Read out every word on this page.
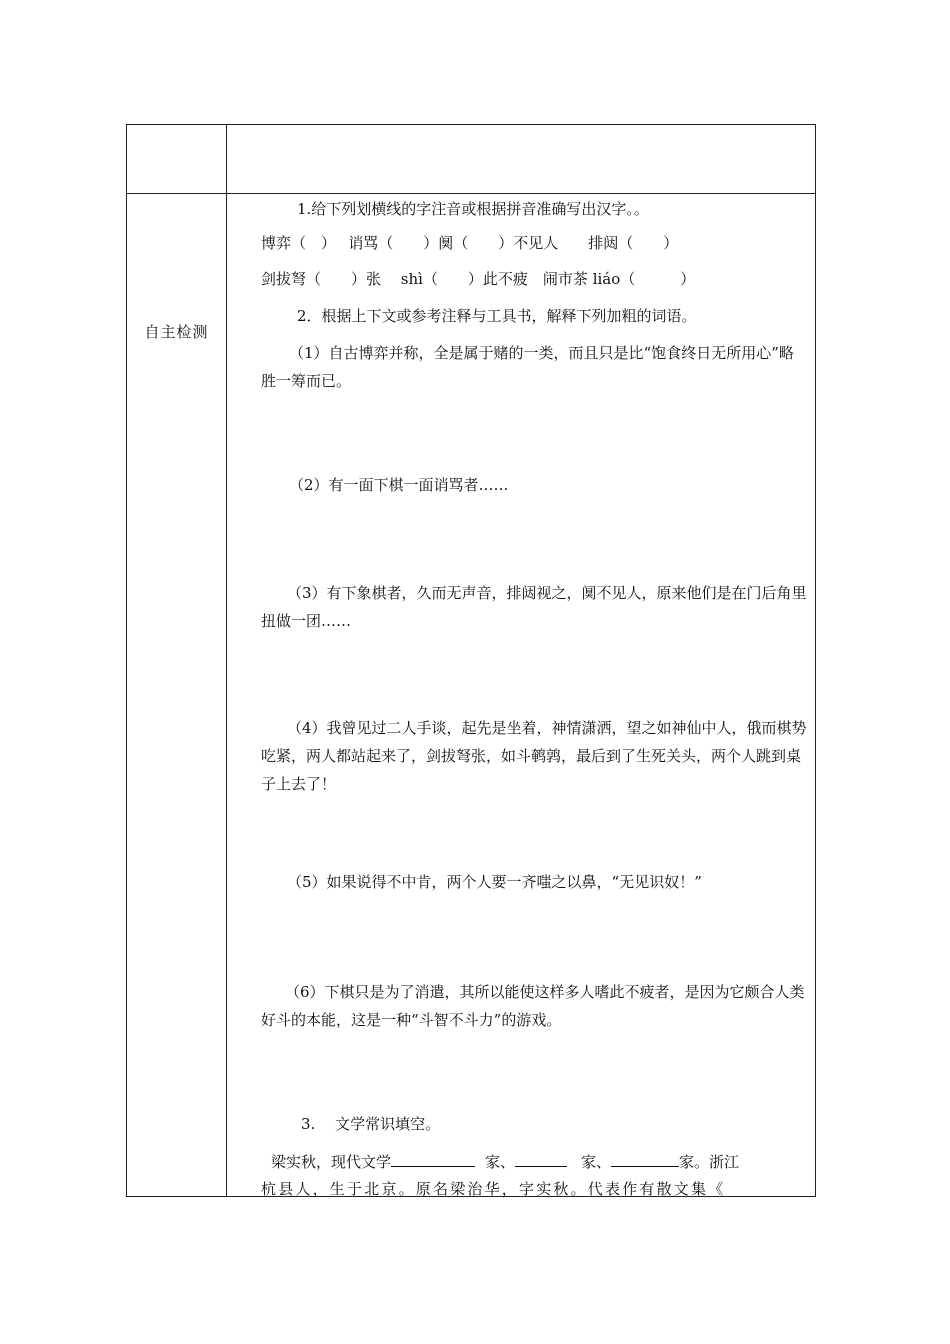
自主检测
1.给下列划横线的字注音或根据拼音准确写出汉字。。
博弈（　）　 诮骂（　　）阒（　　）不见人　　排闼（　　）
剑拔弩（　　）张　 shì（　　）此不疲　闹市茶 liáo（　　　）
2．根据上下文或参考注释与工具书，解释下列加粗的词语。
（1）自古博弈并称，全是属于赌的一类，而且只是比“饱食终日无所用心”略胜一筹而已。
（2）有一面下棋一面诮骂者……
（3）有下象棋者，久而无声音，排闼视之，阒不见人，原来他们是在门后角里扭做一团……
（4）我曾见过二人手谈，起先是坐着，神情潇洒，望之如神仙中人，俄而棋势吃紧，两人都站起来了，剑拔弩张，如斗鹌鹑，最后到了生死关头，两个人跳到桌子上去了！
（5）如果说得不中肯，两个人要一齐嗤之以鼻，“无见识奴！”
（6）下棋只是为了消遣，其所以能使这样多人嗜此不疲者，是因为它颇合人类好斗的本能，这是一种“斗智不斗力”的游戏。
3.　 文学常识填空。
梁实秋，现代文学	家、	家、	家。浙江
杭县人，生于北京。原名梁治华，字实秋。代表作有散文集《
